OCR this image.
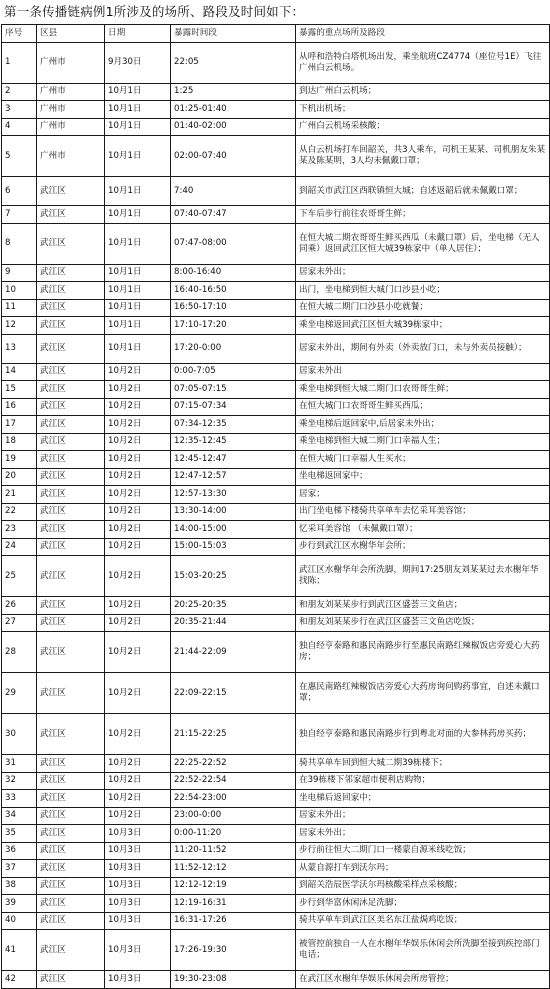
第一条传播链病例1所涉及的场所、路段及时间如下：
序号	区县	日期	暴露时间段	暴露的重点场所及路段
1	广州市	9月30日	22:05	从呼和浩特白塔机场出发，乘坐航班CZ4774（座位号1E）飞往广州白云机场。
2	广州市	10月1日	1:25	到达广州白云机场；
3	广州市	10月1日	01:25-01:40	下机出机场；
4	广州市	10月1日	01:40-02:00	广州白云机场采核酸；
5	广州市	10月1日	02:00-07:40	从白云机场打车回韶关，共3人乘车，司机王某某、司机朋友朱某某及陈某明，3人均未佩戴口罩；
6	武江区	10月1日	7:40	到韶关市武江区西联镇恒大城；自述返韶后就未佩戴口罩；
7	武江区	10月1日	07:40-07:47	下车后步行前往农哥哥生鲜；
8	武江区	10月1日	07:47-08:00	在恒大城二期农哥哥生鲜买西瓜（未戴口罩）后，坐电梯（无人同乘）返回武江区恒大城39栋家中（单人居住）；
9	武江区	10月1日	8:00-16:40	居家未外出；
10	武江区	10月1日	16:40-16:50	出门，坐电梯到恒大城门口沙县小吃；
11	武江区	10月1日	16:50-17:10	在恒大城二期门口沙县小吃就餐；
12	武江区	10月1日	17:10-17:20	乘坐电梯返回武江区恒大城39栋家中；
13	武江区	10月1日	17:20-0:00	居家未外出，期间有外卖（外卖放门口，未与外卖员接触）；
14	武江区	10月2日	0:00-7:05	居家未外出
15	武江区	10月2日	07:05-07:15	乘坐电梯到恒大城二期门口农哥哥生鲜；
16	武江区	10月2日	07:15-07:34	在恒大城门口农哥哥生鲜买西瓜；
17	武江区	10月2日	07:34-12:35	乘坐电梯后返回家中,后居家未外出；
18	武江区	10月2日	12:35-12:45	乘坐电梯到恒大城二期门口幸福人生；
19	武江区	10月2日	12:45-12:47	在恒大城门口幸福人生买水；
20	武江区	10月2日	12:47-12:57	坐电梯返回家中；
21	武江区	10月2日	12:57-13:30	居家；
22	武江区	10月2日	13:30-14:00	出门坐电梯下楼骑共享单车去忆采耳美容馆；
23	武江区	10月2日	14:00-15:00	忆采耳美容馆 （未佩戴口罩）；
24	武江区	10月2日	15:00-15:03	步行到武江区水榭华年会所；
25	武江区	10月2日	15:03-20:25	武江区水榭华年会所洗脚，期间17:25朋友刘某某过去水榭年华找陈；
26	武江区	10月2日	20:25-20:35	和朋友刘某某步行到武江区盛荟三文鱼店；
27	武江区	10月2日	20:35-21:44	和朋友刘某某步行在武江区盛荟三文鱼店吃饭；
28	武江区	10月2日	21:44-22:09	独自经亨泰路和惠民南路步行至惠民南路红辣椒饭店旁爱心大药房；
29	武江区	10月2日	22:09-22:15	在惠民南路红辣椒饭店旁爱心大药房询问购药事宜，自述未戴口罩；
30	武江区	10月2日	21:15-22:25	独自经亨泰路和惠民南路步行到粤北对面的大参林药房买药；
31	武江区	10月2日	22:25-22:52	骑共享单车回到恒大城二期39栋楼下；
32	武江区	10月2日	22:52-22:54	在39栋楼下邻家超市便利店购物；
33	武江区	10月2日	22:54-23:00	坐电梯后返回家中；
34	武江区	10月2日	23:00-0:00	居家未外出；
35	武江区	10月3日	0:00-11:20	居家未外出；
36	武江区	10月3日	11:20-11:52	步行前往恒大二期门口一楼蒙自源米线吃饭；
37	武江区	10月3日	11:52-12:12	从蒙自源打车到沃尔玛；
38	武江区	10月3日	12:12-12:19	到韶关浩辰医学沃尔玛核酸采样点采核酸；
39	武江区	10月3日	12:19-16:31	步行到华富休闲沐足洗脚；
40	武江区	10月3日	16:31-17:26	骑共享单车到武江区美名东江盐焗鸡吃饭；
41	武江区	10月3日	17:26-19:30	被管控前独自一人在水榭年华娱乐休闲会所洗脚至接到疾控部门电话；
42	武江区	10月3日	19:30-23:08	在武江区水榭年华娱乐休闲会所房管控；
